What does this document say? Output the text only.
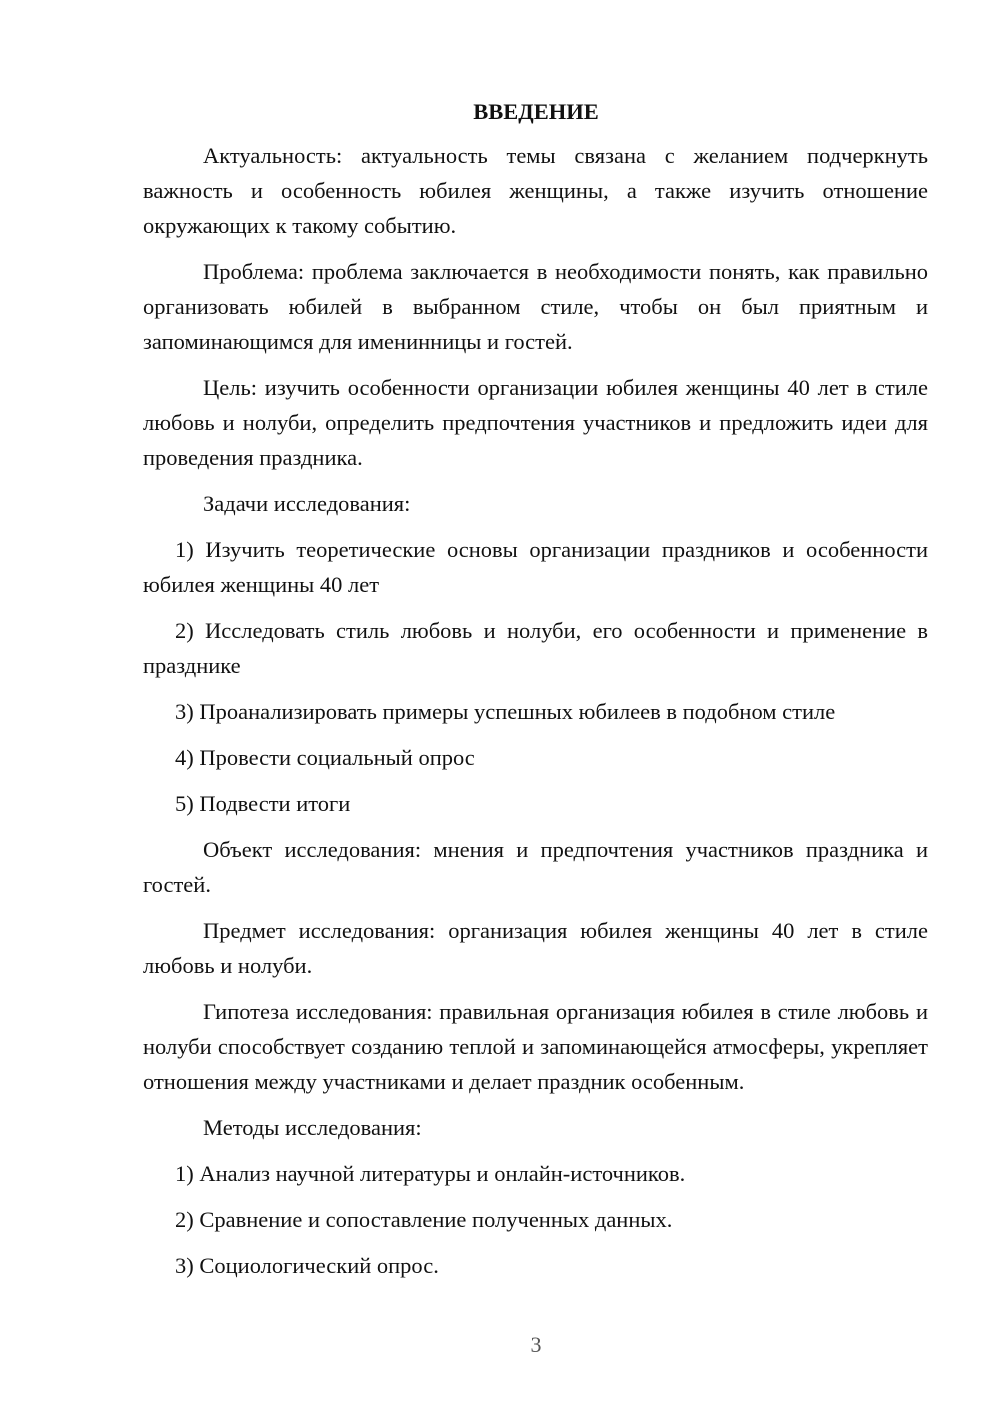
ВВЕДЕНИЕ

Актуальность: актуальность темы связана с желанием подчеркнуть важность и особенность юбилея женщины, а также изучить отношение окружающих к такому событию.

Проблема: проблема заключается в необходимости понять, как правильно организовать юбилей в выбранном стиле, чтобы он был приятным и запоминающимся для именинницы и гостей.

Цель: изучить особенности организации юбилея женщины 40 лет в стиле любовь и нолуби, определить предпочтения участников и предложить идеи для проведения праздника.

Задачи исследования:

1) Изучить теоретические основы организации праздников и особенности юбилея женщины 40 лет

2) Исследовать стиль любовь и нолуби, его особенности и применение в празднике

3) Проанализировать примеры успешных юбилеев в подобном стиле

4) Провести социальный опрос

5) Подвести итоги

Объект исследования: мнения и предпочтения участников праздника и гостей.

Предмет исследования: организация юбилея женщины 40 лет в стиле любовь и нолуби.

Гипотеза исследования: правильная организация юбилея в стиле любовь и нолуби способствует созданию теплой и запоминающейся атмосферы, укрепляет отношения между участниками и делает праздник особенным.

Методы исследования:

1) Анализ научной литературы и онлайн-источников.

2) Сравнение и сопоставление полученных данных.

3) Социологический опрос.

3
